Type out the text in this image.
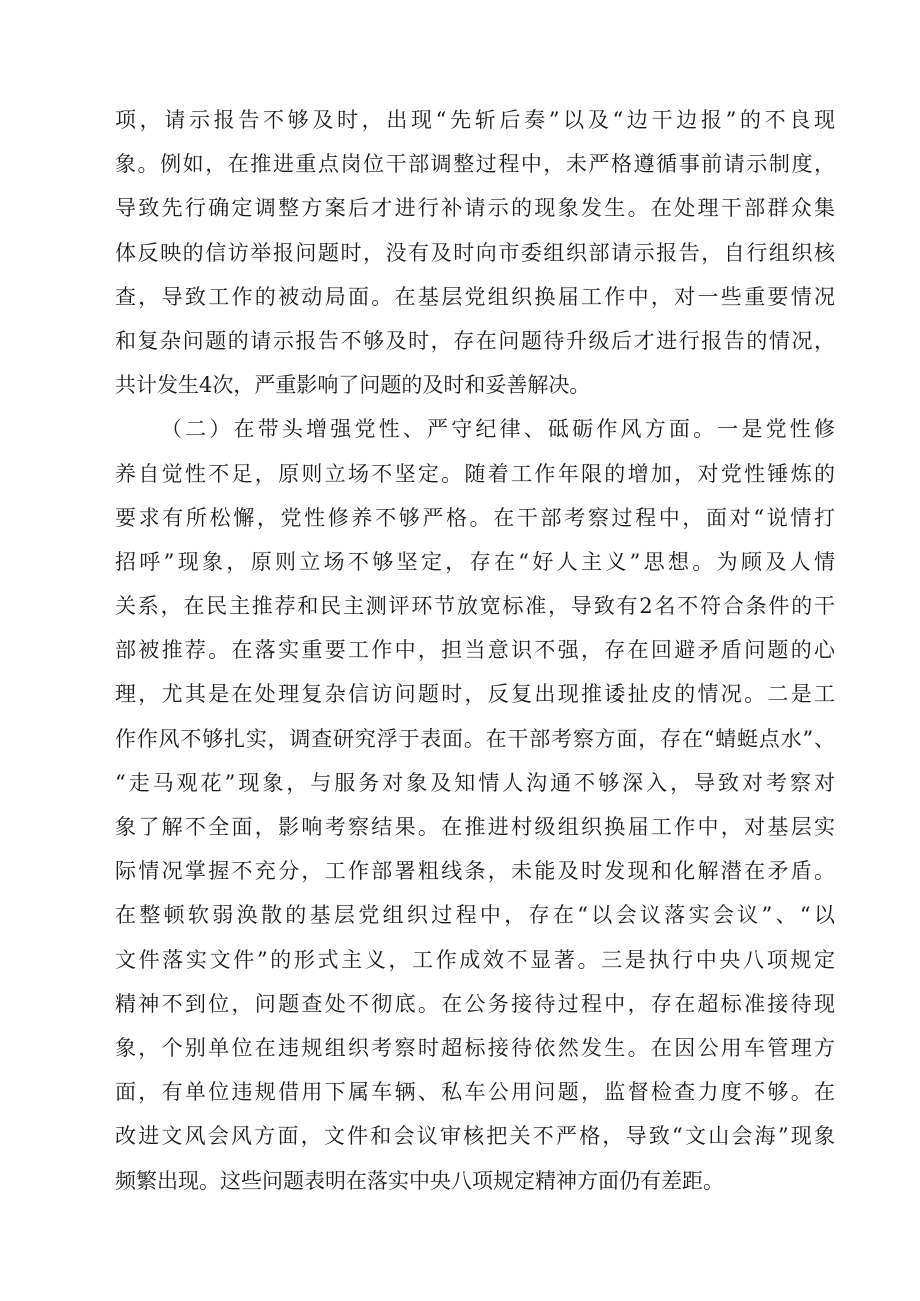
项，请示报告不够及时，出现“先斩后奏”以及“边干边报”的不良现
象。例如，在推进重点岗位干部调整过程中，未严格遵循事前请示制度，
导致先行确定调整方案后才进行补请示的现象发生。在处理干部群众集
体反映的信访举报问题时，没有及时向市委组织部请示报告，自行组织核
查，导致工作的被动局面。在基层党组织换届工作中，对一些重要情况
和复杂问题的请示报告不够及时，存在问题待升级后才进行报告的情况，
共计发生4次，严重影响了问题的及时和妥善解决。
（二）在带头增强党性、严守纪律、砥砺作风方面。一是党性修
养自觉性不足，原则立场不坚定。随着工作年限的增加，对党性锤炼的
要求有所松懈，党性修养不够严格。在干部考察过程中，面对“说情打
招呼”现象，原则立场不够坚定，存在“好人主义”思想。为顾及人情
关系，在民主推荐和民主测评环节放宽标准，导致有2名不符合条件的干
部被推荐。在落实重要工作中，担当意识不强，存在回避矛盾问题的心
理，尤其是在处理复杂信访问题时，反复出现推诿扯皮的情况。二是工
作作风不够扎实，调查研究浮于表面。在干部考察方面，存在“蜻蜓点水”、
“走马观花”现象，与服务对象及知情人沟通不够深入，导致对考察对
象了解不全面，影响考察结果。在推进村级组织换届工作中，对基层实
际情况掌握不充分，工作部署粗线条，未能及时发现和化解潜在矛盾。
在整顿软弱涣散的基层党组织过程中，存在“以会议落实会议”、“以
文件落实文件”的形式主义，工作成效不显著。三是执行中央八项规定
精神不到位，问题查处不彻底。在公务接待过程中，存在超标准接待现
象，个别单位在违规组织考察时超标接待依然发生。在因公用车管理方
面，有单位违规借用下属车辆、私车公用问题，监督检查力度不够。在
改进文风会风方面，文件和会议审核把关不严格，导致“文山会海”现象
频繁出现。这些问题表明在落实中央八项规定精神方面仍有差距。
